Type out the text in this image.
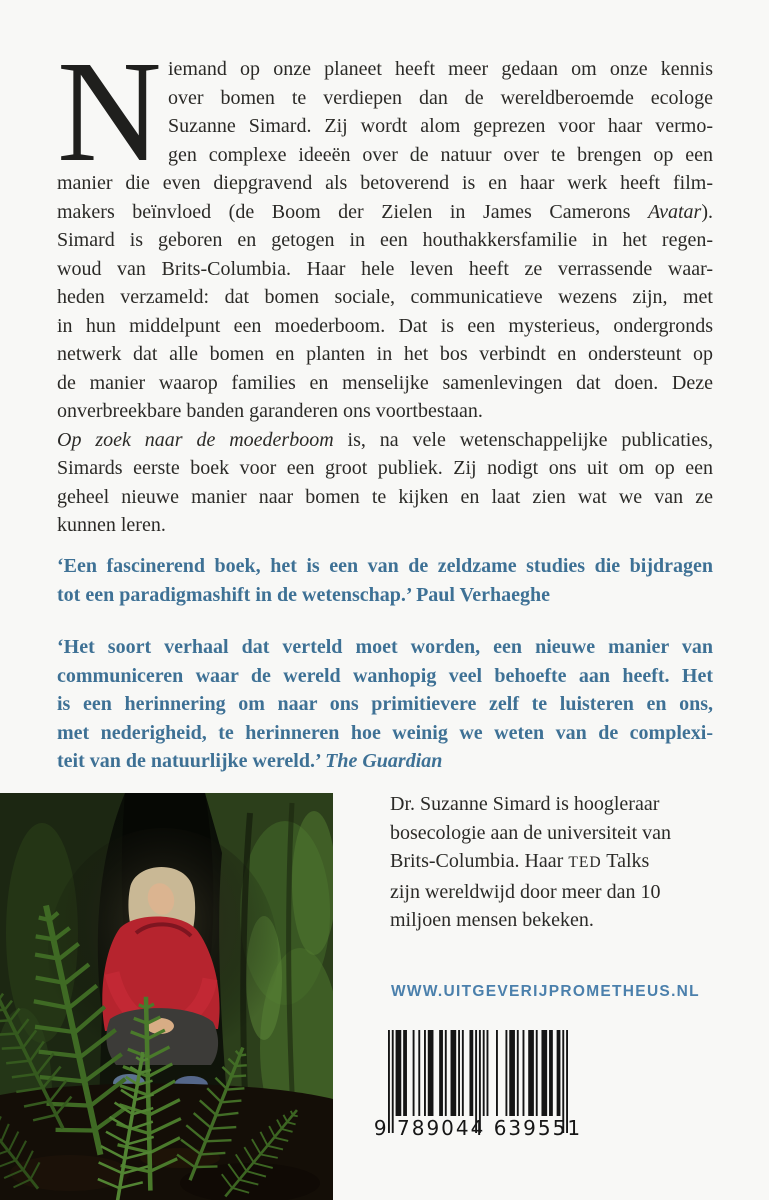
N iemand op onze planeet heeft meer gedaan om onze kennis
over bomen te verdiepen dan de wereldberoemde ecologe
Suzanne Simard. Zij wordt alom geprezen voor haar vermo-
gen complexe ideeën over de natuur over te brengen op een
manier die even diepgravend als betoverend is en haar werk heeft film-
makers beïnvloed (de Boom der Zielen in James Camerons Avatar).
Simard is geboren en getogen in een houthakkersfamilie in het regen-
woud van Brits-Columbia. Haar hele leven heeft ze verrassende waar-
heden verzameld: dat bomen sociale, communicatieve wezens zijn, met
in hun middelpunt een moederboom. Dat is een mysterieus, ondergronds
netwerk dat alle bomen en planten in het bos verbindt en ondersteunt op
de manier waarop families en menselijke samenlevingen dat doen. Deze
onverbreekbare banden garanderen ons voortbestaan.
Op zoek naar de moederboom is, na vele wetenschappelijke publicaties,
Simards eerste boek voor een groot publiek. Zij nodigt ons uit om op een
geheel nieuwe manier naar bomen te kijken en laat zien wat we van ze
kunnen leren.
‘Een fascinerend boek, het is een van de zeldzame studies die bijdragen
tot een paradigmashift in de wetenschap.’ Paul Verhaeghe
‘Het soort verhaal dat verteld moet worden, een nieuwe manier van
communiceren waar de wereld wanhopig veel behoefte aan heeft. Het
is een herinnering om naar ons primitievere zelf te luisteren en ons,
met nederigheid, te herinneren hoe weinig we weten van de complexi-
teit van de natuurlijke wereld.’ The Guardian
Dr. Suzanne Simard is hoogleraar
bosecologie aan de universiteit van
Brits-Columbia. Haar TED Talks
zijn wereldwijd door meer dan 10
miljoen mensen bekeken.
WWW.UITGEVERIJPROMETHEUS.NL
9 789044 639551
